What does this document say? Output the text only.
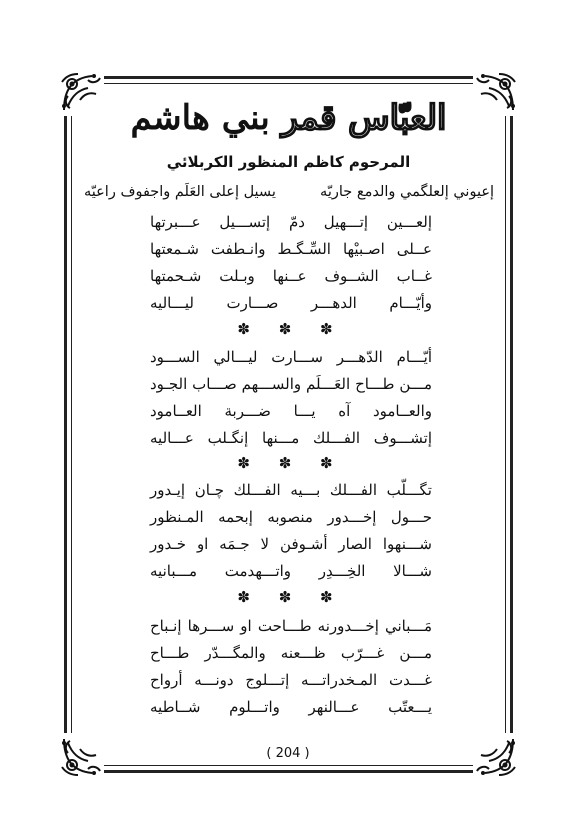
العبّاس قمر بني هاشم
المرحوم كاظم المنظور الكربلائي
إعيوني إلعلگمي والدمع جاريّه
يسيل إعلى العَلَم واجفوف راعيّه
إلعـــين إتـــهيل دمّ إتســـيل عـــبرتها
عــلى اصـبيْها السِّـگـط وانـطفت شـمعتها
غــاب الشــوف عــنها وبـلت شـحمتها
وأيّـــام الدهـــر صـــارت ليـــاليه
✽ ✽ ✽
أيّـــام الدّهـــر ســـارت ليـــالي الســـود
مـــن طـــاح العَـــلَم والســـهم صـــاب الجـود
والعــامود آه يـــا ضـــربة العــامود
إتشـــوف الفـــلك مـــنها إنگـلب عـــاليه
✽ ✽ ✽
تگـــلّب الفـــلك بـــيه الفـــلك چـان إيـدور
حـــول إخـــدور منصوبه إبحمه المـنظور
شـــنهوا الصار أشـوفن لا جـمَه او خـدور
شـــالا الخِـــدِر واتـــهدمت مـــبانيه
✽ ✽ ✽
مَـــباني إخـــدورنه طـــاحت او ســـرها إنـباح
مـــن غـــرّب ظـــعنه والمگـــدّر طـــاح
غـــدت المـخدراتـــه إتـــلوج دونـــه أرواح
يـــعتّب عـــالنهر واتـــلوم شــاطيه
( 204 )
